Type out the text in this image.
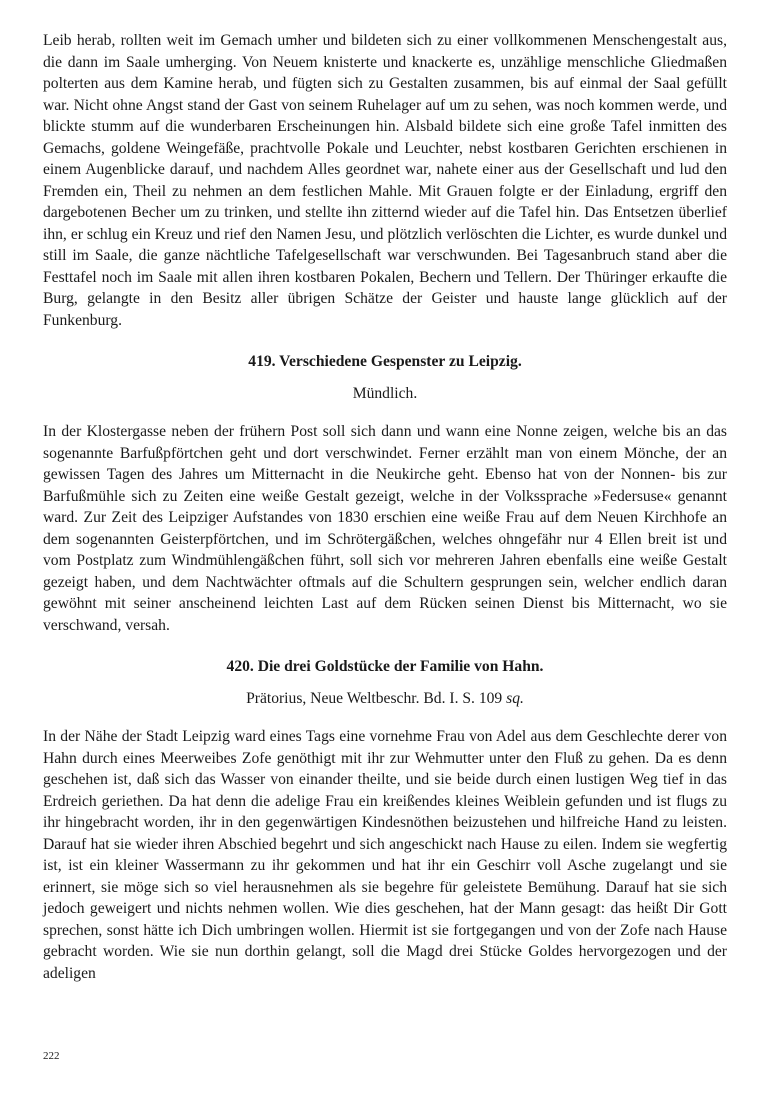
Leib herab, rollten weit im Gemach umher und bildeten sich zu einer vollkommenen Menschengestalt aus, die dann im Saale umherging. Von Neuem knisterte und knackerte es, unzählige menschliche Gliedmaßen polterten aus dem Kamine herab, und fügten sich zu Gestalten zusammen, bis auf einmal der Saal gefüllt war. Nicht ohne Angst stand der Gast von seinem Ruhelager auf um zu sehen, was noch kommen werde, und blickte stumm auf die wunderbaren Erscheinungen hin. Alsbald bildete sich eine große Tafel inmitten des Gemachs, goldene Weingefäße, prachtvolle Pokale und Leuchter, nebst kostbaren Gerichten erschienen in einem Augenblicke darauf, und nachdem Alles geordnet war, nahete einer aus der Gesellschaft und lud den Fremden ein, Theil zu nehmen an dem festlichen Mahle. Mit Grauen folgte er der Einladung, ergriff den dargebotenen Becher um zu trinken, und stellte ihn zitternd wieder auf die Tafel hin. Das Entsetzen überlief ihn, er schlug ein Kreuz und rief den Namen Jesu, und plötzlich verlöschten die Lichter, es wurde dunkel und still im Saale, die ganze nächtliche Tafelgesellschaft war verschwunden. Bei Tagesanbruch stand aber die Festtafel noch im Saale mit allen ihren kostbaren Pokalen, Bechern und Tellern. Der Thüringer erkaufte die Burg, gelangte in den Besitz aller übrigen Schätze der Geister und hauste lange glücklich auf der Funkenburg.

419. Verschiedene Gespenster zu Leipzig.

Mündlich.

In der Klostergasse neben der frühern Post soll sich dann und wann eine Nonne zeigen, welche bis an das sogenannte Barfußpförtchen geht und dort verschwindet. Ferner erzählt man von einem Mönche, der an gewissen Tagen des Jahres um Mitternacht in die Neukirche geht. Ebenso hat von der Nonnen- bis zur Barfußmühle sich zu Zeiten eine weiße Gestalt gezeigt, welche in der Volkssprache »Federsuse« genannt ward. Zur Zeit des Leipziger Aufstandes von 1830 erschien eine weiße Frau auf dem Neuen Kirchhofe an dem sogenannten Geisterpförtchen, und im Schrötergäßchen, welches ohngefähr nur 4 Ellen breit ist und vom Postplatz zum Windmühlengäßchen führt, soll sich vor mehreren Jahren ebenfalls eine weiße Gestalt gezeigt haben, und dem Nachtwächter oftmals auf die Schultern gesprungen sein, welcher endlich daran gewöhnt mit seiner anscheinend leichten Last auf dem Rücken seinen Dienst bis Mitternacht, wo sie verschwand, versah.

420. Die drei Goldstücke der Familie von Hahn.

Prätorius, Neue Weltbeschr. Bd. I. S. 109 sq.

In der Nähe der Stadt Leipzig ward eines Tags eine vornehme Frau von Adel aus dem Geschlechte derer von Hahn durch eines Meerweibes Zofe genöthigt mit ihr zur Wehmutter unter den Fluß zu gehen. Da es denn geschehen ist, daß sich das Wasser von einander theilte, und sie beide durch einen lustigen Weg tief in das Erdreich geriethen. Da hat denn die adelige Frau ein kreißendes kleines Weiblein gefunden und ist flugs zu ihr hingebracht worden, ihr in den gegenwärtigen Kindesnöthen beizustehen und hilfreiche Hand zu leisten. Darauf hat sie wieder ihren Abschied begehrt und sich angeschickt nach Hause zu eilen. Indem sie wegfertig ist, ist ein kleiner Wassermann zu ihr gekommen und hat ihr ein Geschirr voll Asche zugelangt und sie erinnert, sie möge sich so viel herausnehmen als sie begehre für geleistete Bemühung. Darauf hat sie sich jedoch geweigert und nichts nehmen wollen. Wie dies geschehen, hat der Mann gesagt: das heißt Dir Gott sprechen, sonst hätte ich Dich umbringen wollen. Hiermit ist sie fortgegangen und von der Zofe nach Hause gebracht worden. Wie sie nun dorthin gelangt, soll die Magd drei Stücke Goldes hervorgezogen und der adeligen

222
